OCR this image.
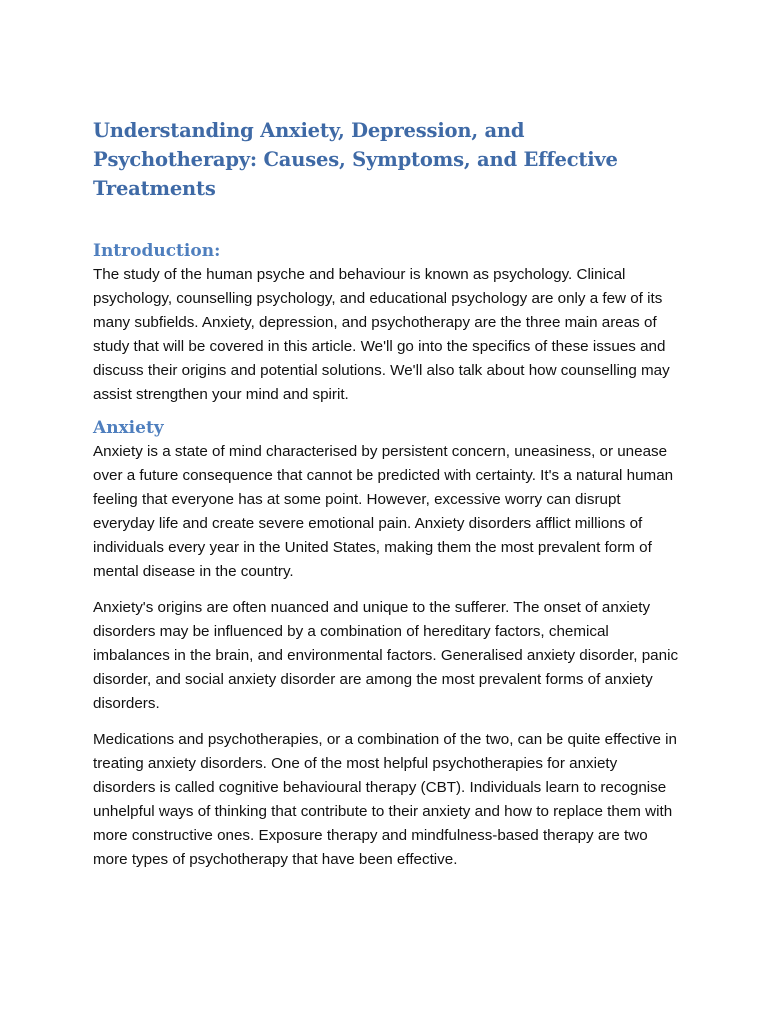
Understanding Anxiety, Depression, and Psychotherapy: Causes, Symptoms, and Effective Treatments
Introduction:

The study of the human psyche and behaviour is known as psychology. Clinical psychology, counselling psychology, and educational psychology are only a few of its many subfields. Anxiety, depression, and psychotherapy are the three main areas of study that will be covered in this article. We'll go into the specifics of these issues and discuss their origins and potential solutions. We'll also talk about how counselling may assist strengthen your mind and spirit.

Anxiety

Anxiety is a state of mind characterised by persistent concern, uneasiness, or unease over a future consequence that cannot be predicted with certainty. It's a natural human feeling that everyone has at some point. However, excessive worry can disrupt everyday life and create severe emotional pain. Anxiety disorders afflict millions of individuals every year in the United States, making them the most prevalent form of mental disease in the country.

Anxiety's origins are often nuanced and unique to the sufferer. The onset of anxiety disorders may be influenced by a combination of hereditary factors, chemical imbalances in the brain, and environmental factors. Generalised anxiety disorder, panic disorder, and social anxiety disorder are among the most prevalent forms of anxiety disorders.

Medications and psychotherapies, or a combination of the two, can be quite effective in treating anxiety disorders. One of the most helpful psychotherapies for anxiety disorders is called cognitive behavioural therapy (CBT). Individuals learn to recognise unhelpful ways of thinking that contribute to their anxiety and how to replace them with more constructive ones. Exposure therapy and mindfulness-based therapy are two more types of psychotherapy that have been effective.
